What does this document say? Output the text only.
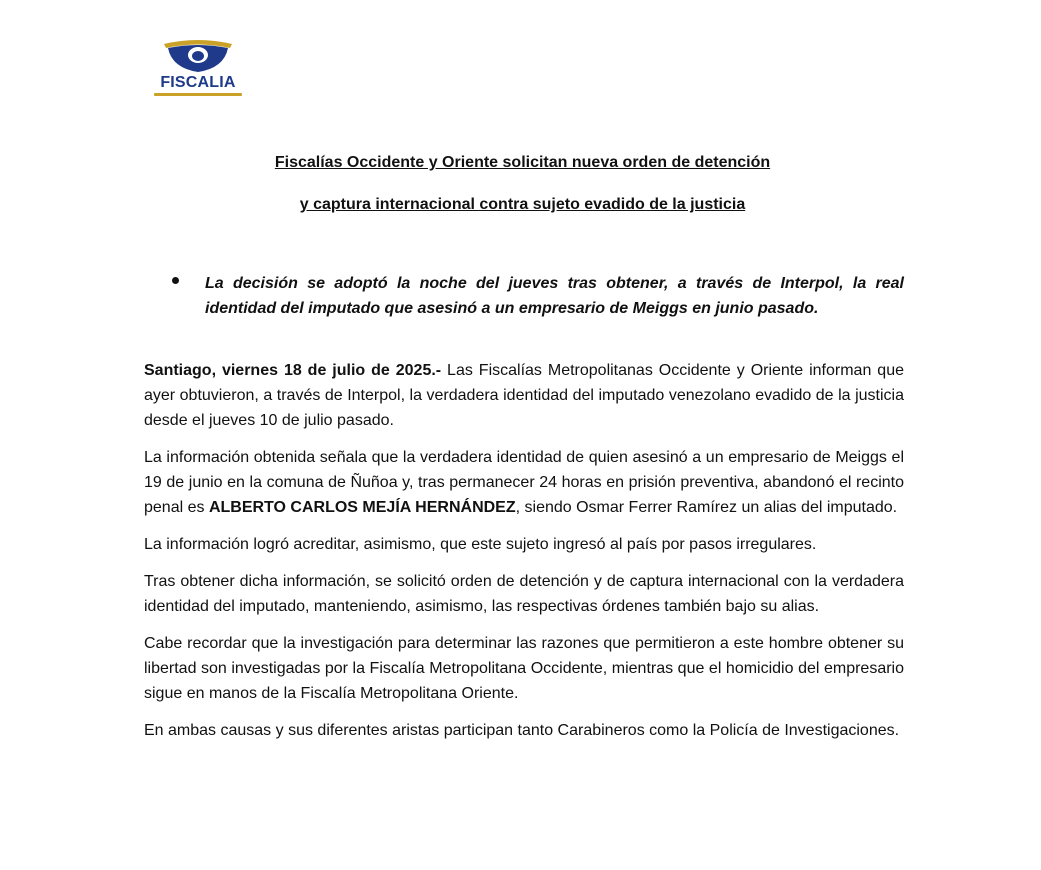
FISCALIA
Fiscalías Occidente y Oriente solicitan nueva orden de detención
y captura internacional contra sujeto evadido de la justicia
La decisión se adoptó la noche del jueves tras obtener, a través de Interpol, la real identidad del imputado que asesinó a un empresario de Meiggs en junio pasado.

Santiago, viernes 18 de julio de 2025.- Las Fiscalías Metropolitanas Occidente y Oriente informan que ayer obtuvieron, a través de Interpol, la verdadera identidad del imputado venezolano evadido de la justicia desde el jueves 10 de julio pasado.

La información obtenida señala que la verdadera identidad de quien asesinó a un empresario de Meiggs el 19 de junio en la comuna de Ñuñoa y, tras permanecer 24 horas en prisión preventiva, abandonó el recinto penal es ALBERTO CARLOS MEJÍA HERNÁNDEZ, siendo Osmar Ferrer Ramírez un alias del imputado.

La información logró acreditar, asimismo, que este sujeto ingresó al país por pasos irregulares.

Tras obtener dicha información, se solicitó orden de detención y de captura internacional con la verdadera identidad del imputado, manteniendo, asimismo, las respectivas órdenes también bajo su alias.

Cabe recordar que la investigación para determinar las razones que permitieron a este hombre obtener su libertad son investigadas por la Fiscalía Metropolitana Occidente, mientras que el homicidio del empresario sigue en manos de la Fiscalía Metropolitana Oriente.

En ambas causas y sus diferentes aristas participan tanto Carabineros como la Policía de Investigaciones.
